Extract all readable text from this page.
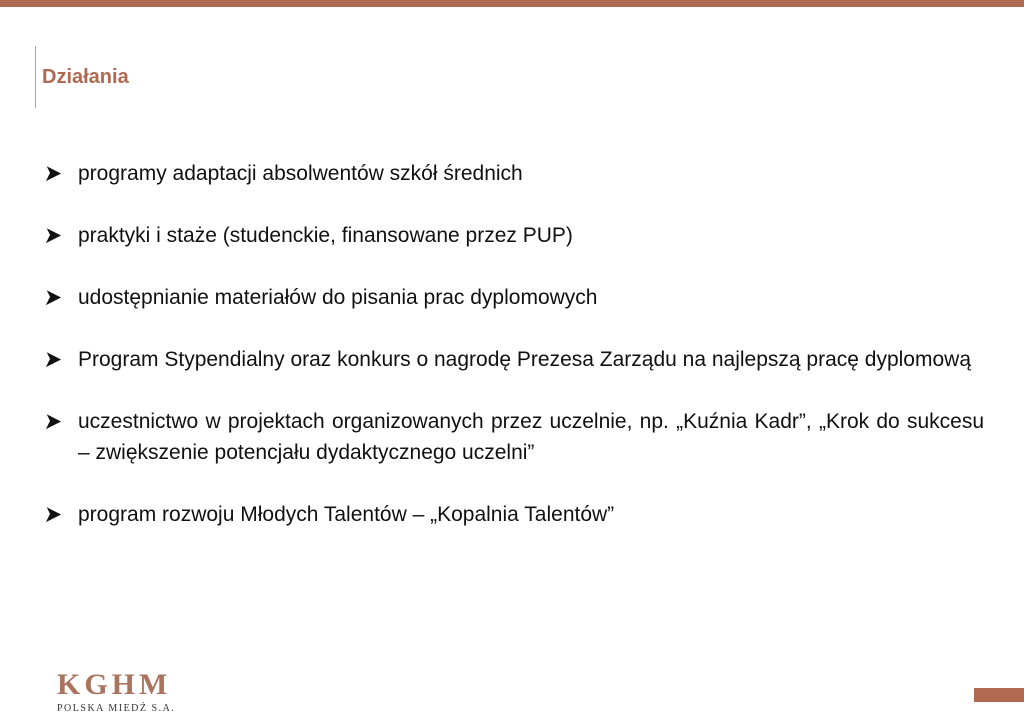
Działania
programy adaptacji absolwentów szkół średnich
praktyki i staże (studenckie, finansowane przez PUP)
udostępnianie materiałów do pisania prac dyplomowych
Program Stypendialny oraz konkurs o nagrodę Prezesa Zarządu na najlepszą pracę dyplomową
uczestnictwo w projektach organizowanych przez uczelnie, np. „Kuźnia Kadr”, „Krok do sukcesu – zwiększenie potencjału dydaktycznego uczelni”
program rozwoju Młodych Talentów – „Kopalnia Talentów”
KGHM
POLSKA MIEDŹ S.A.
